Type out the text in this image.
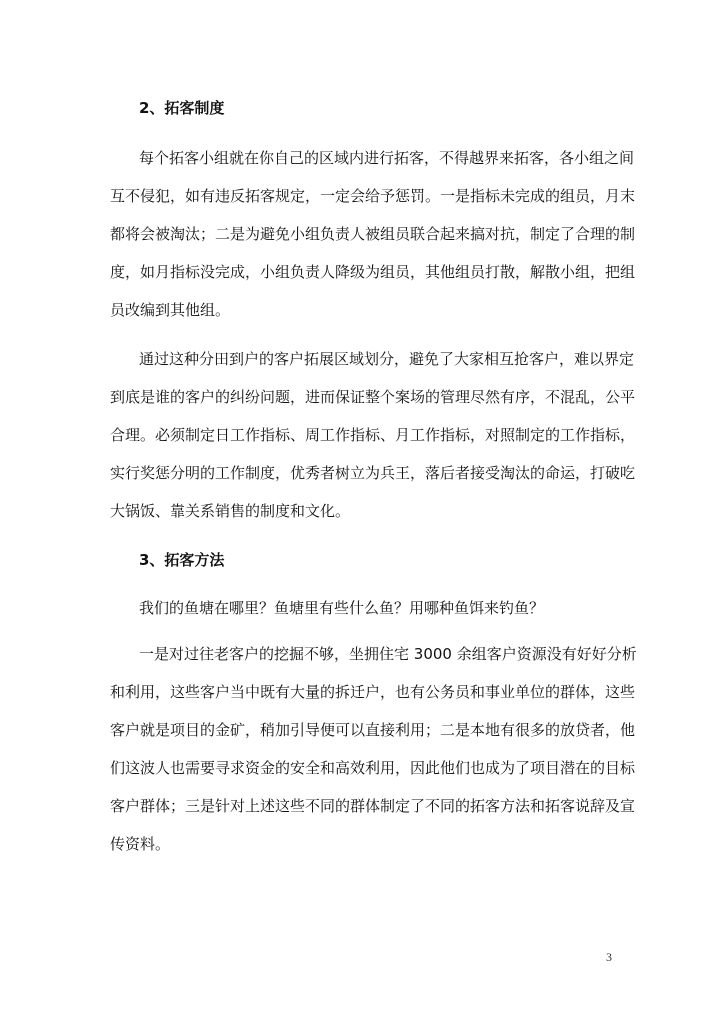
2、拓客制度
每个拓客小组就在你自己的区域内进行拓客，不得越界来拓客，各小组之间
互不侵犯，如有违反拓客规定，一定会给予惩罚。一是指标未完成的组员，月末
都将会被淘汰；二是为避免小组负责人被组员联合起来搞对抗，制定了合理的制
度，如月指标没完成，小组负责人降级为组员，其他组员打散，解散小组，把组
员改编到其他组。
通过这种分田到户的客户拓展区域划分，避免了大家相互抢客户，难以界定
到底是谁的客户的纠纷问题，进而保证整个案场的管理尽然有序，不混乱，公平
合理。必须制定日工作指标、周工作指标、月工作指标，对照制定的工作指标，
实行奖惩分明的工作制度，优秀者树立为兵王，落后者接受淘汰的命运，打破吃
大锅饭、靠关系销售的制度和文化。
3、拓客方法
我们的鱼塘在哪里？鱼塘里有些什么鱼？用哪种鱼饵来钓鱼？
一是对过往老客户的挖掘不够，坐拥住宅 3000 余组客户资源没有好好分析
和利用，这些客户当中既有大量的拆迁户，也有公务员和事业单位的群体，这些
客户就是项目的金矿，稍加引导便可以直接利用；二是本地有很多的放贷者，他
们这波人也需要寻求资金的安全和高效利用，因此他们也成为了项目潜在的目标
客户群体；三是针对上述这些不同的群体制定了不同的拓客方法和拓客说辞及宣
传资料。
3
